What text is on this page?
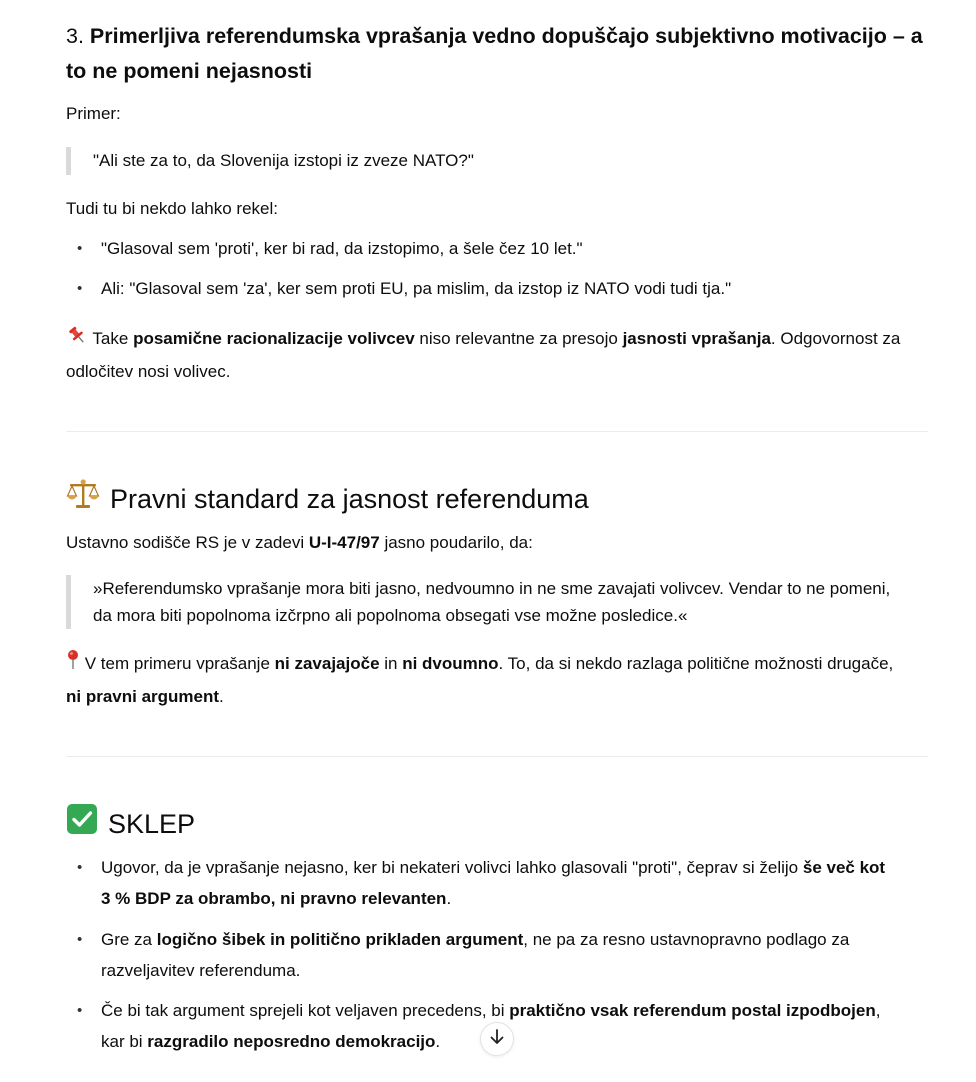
3. Primerljiva referendumska vprašanja vedno dopuščajo subjektivno motivacijo – a to ne pomeni nejasnosti

Primer:

"Ali ste za to, da Slovenija izstopi iz zveze NATO?"

Tudi tu bi nekdo lahko rekel:

• "Glasoval sem 'proti', ker bi rad, da izstopimo, a šele čez 10 let."
• Ali: "Glasoval sem 'za', ker sem proti EU, pa mislim, da izstop iz NATO vodi tudi tja."
Take posamične racionalizacije volivcev niso relevantne za presojo jasnosti vprašanja. Odgovornost za
odločitev nosi volivec.
Pravni standard za jasnost referenduma
Ustavno sodišče RS je v zadevi U-I-47/97 jasno poudarilo, da:
»Referendumsko vprašanje mora biti jasno, nedvoumno in ne sme zavajati volivcev. Vendar to ne pomeni,
da mora biti popolnoma izčrpno ali popolnoma obsegati vse možne posledice.«
V tem primeru vprašanje ni zavajajoče in ni dvoumno. To, da si nekdo razlaga politične možnosti drugače,
ni pravni argument.
SKLEP
• Ugovor, da je vprašanje nejasno, ker bi nekateri volivci lahko glasovali "proti", čeprav si želijo še več kot
3 % BDP za obrambo, ni pravno relevanten.
• Gre za logično šibek in politično prikladen argument, ne pa za resno ustavnopravno podlago za
razveljavitev referenduma.
• Če bi tak argument sprejeli kot veljaven precedens, bi praktično vsak referendum postal izpodbojen,
kar bi razgradilo neposredno demokracijo.
